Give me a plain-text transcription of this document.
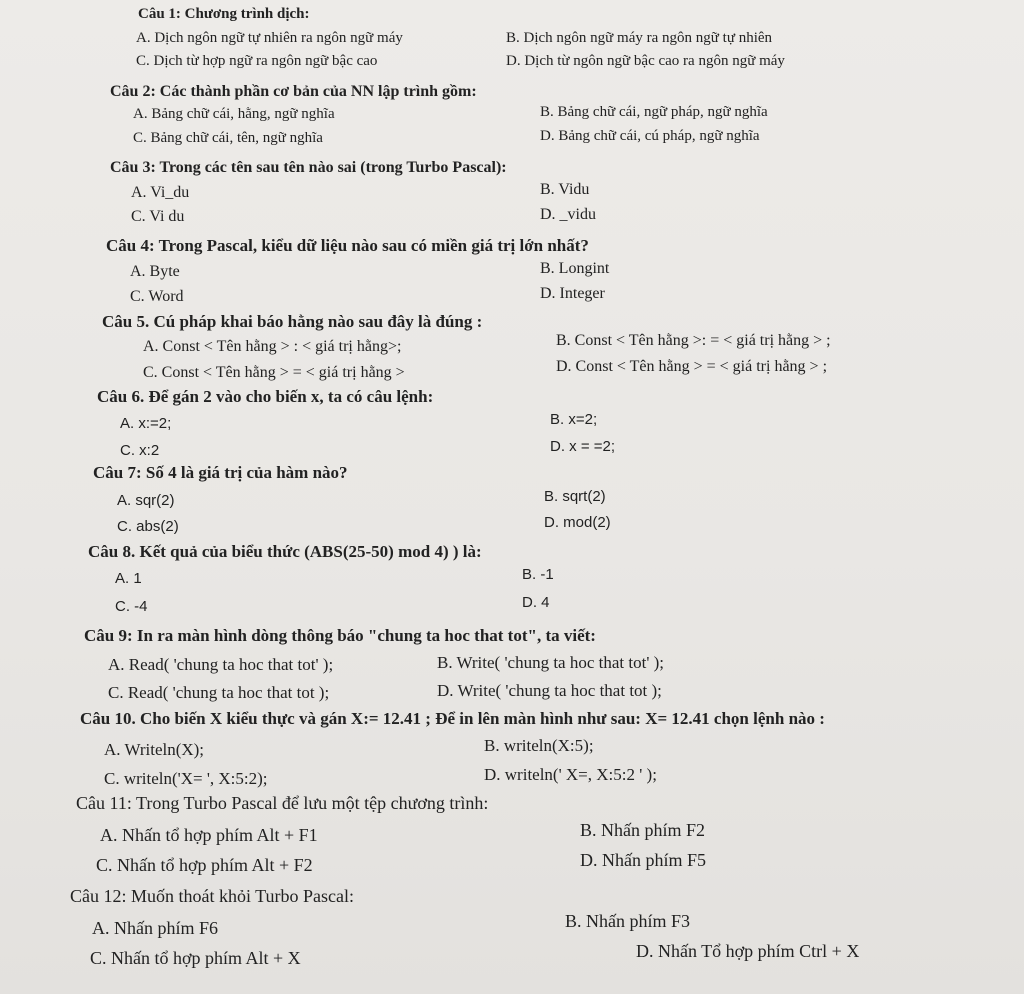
Câu 1: Chương trình dịch:
A. Dịch ngôn ngữ tự nhiên ra ngôn ngữ máy	B. Dịch ngôn ngữ máy ra ngôn ngữ tự nhiên
C. Dịch từ hợp ngữ ra ngôn ngữ bậc cao	D. Dịch từ ngôn ngữ bậc cao ra ngôn ngữ máy
Câu 2: Các thành phần cơ bản của NN lập trình gồm:
A. Bảng chữ cái, hằng, ngữ nghĩa	B. Bảng chữ cái, ngữ pháp, ngữ nghĩa
C. Bảng chữ cái, tên, ngữ nghĩa	D. Bảng chữ cái, cú pháp, ngữ nghĩa
Câu 3: Trong các tên sau tên nào sai (trong Turbo Pascal):
A. Vi_du	B. Vidu
C. Vi du	D. _vidu
Câu 4: Trong Pascal, kiểu dữ liệu nào sau có miền giá trị lớn nhất?
A. Byte	B. Longint
C. Word	D. Integer
Câu 5. Cú pháp khai báo hằng nào sau đây là đúng :
A. Const < Tên hằng > : < giá trị hằng>;	B. Const < Tên hằng >: = < giá trị hằng > ;
C. Const < Tên hằng > = < giá trị hằng >	D. Const < Tên hằng > = < giá trị hằng > ;
Câu 6. Để gán 2 vào cho biến x, ta có câu lệnh:
A. x:=2;	B. x=2;
C. x:2	D. x = =2;
Câu 7: Số 4 là giá trị của hàm nào?
A. sqr(2)	B. sqrt(2)
C. abs(2)	D. mod(2)
Câu 8. Kết quả của biểu thức (ABS(25-50) mod 4) ) là:
A. 1	B. -1
C. -4	D. 4
Câu 9: In ra màn hình dòng thông báo "chung ta hoc that tot", ta viết:
A. Read( 'chung ta hoc that tot' );	B. Write( 'chung ta hoc that tot' );
C. Read( 'chung ta hoc that tot );	D. Write( 'chung ta hoc that tot );
Câu 10. Cho biến X kiểu thực và gán X:= 12.41 ; Để in lên màn hình như sau: X= 12.41 chọn lệnh nào :
A. Writeln(X);	B. writeln(X:5);
C. writeln('X= ', X:5:2);	D. writeln(' X=, X:5:2 ' );
Câu 11: Trong Turbo Pascal để lưu một tệp chương trình:
A. Nhấn tổ hợp phím Alt + F1	B. Nhấn phím F2
C. Nhấn tổ hợp phím Alt + F2	D. Nhấn phím F5
Câu 12: Muốn thoát khỏi Turbo Pascal:
A. Nhấn phím F6	B. Nhấn phím F3
C. Nhấn tổ hợp phím Alt + X	D. Nhấn Tổ hợp phím Ctrl + X
